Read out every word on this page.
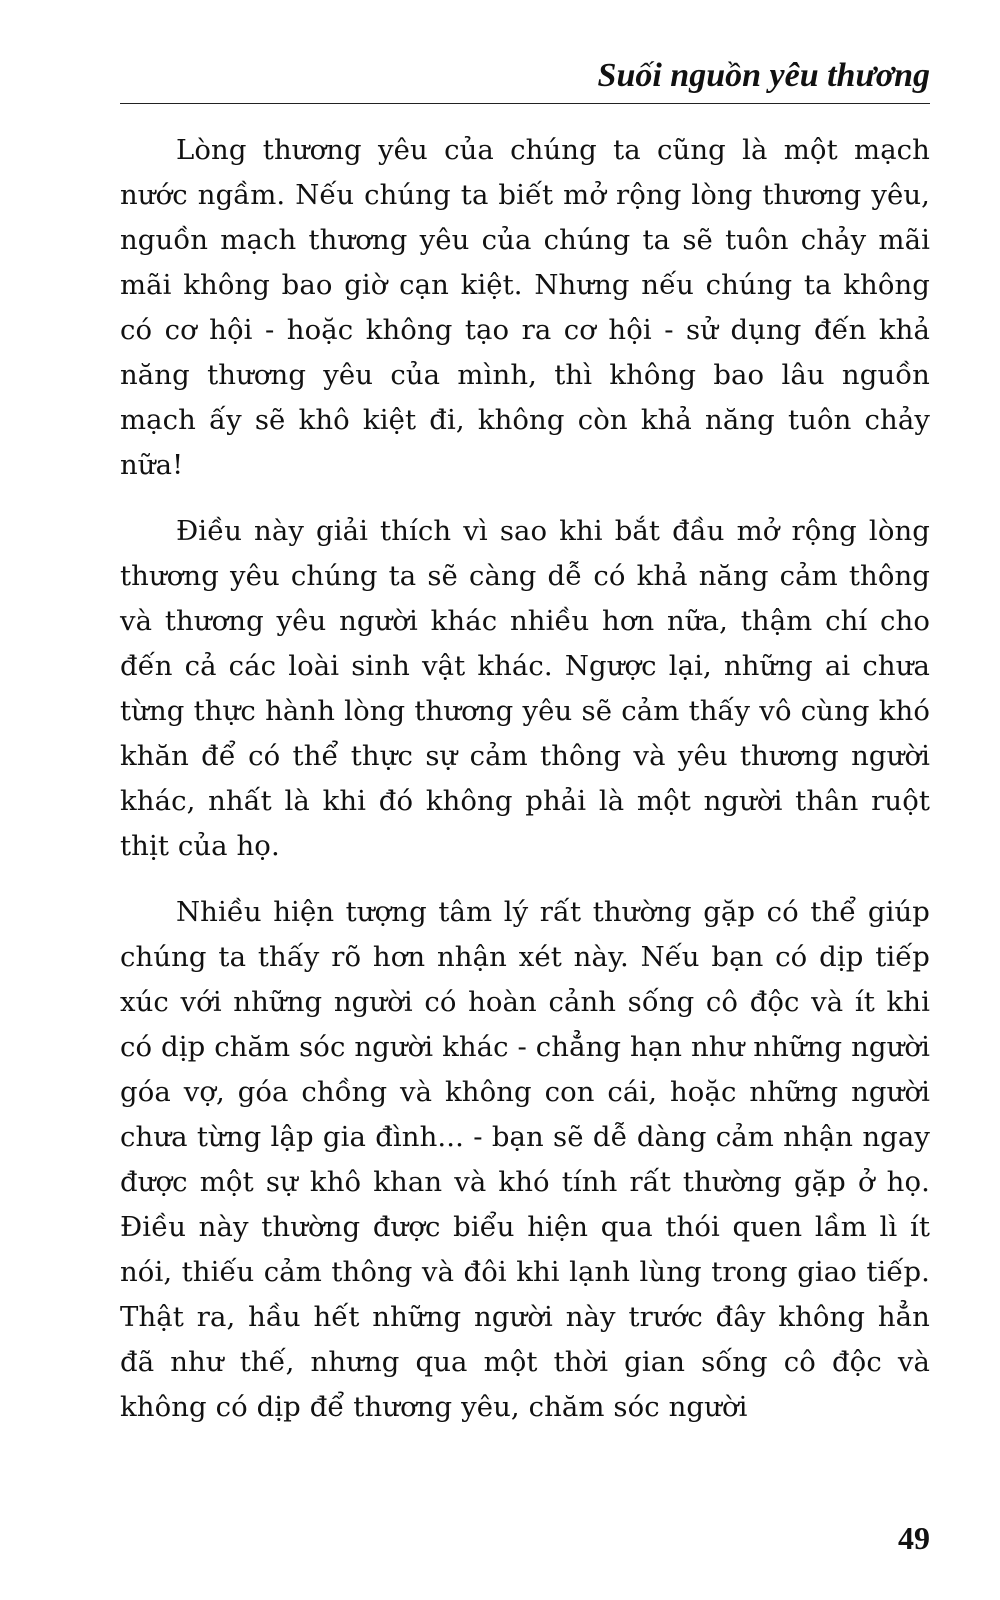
Suối nguồn yêu thương

Lòng thương yêu của chúng ta cũng là một mạch nước ngầm. Nếu chúng ta biết mở rộng lòng thương yêu, nguồn mạch thương yêu của chúng ta sẽ tuôn chảy mãi mãi không bao giờ cạn kiệt. Nhưng nếu chúng ta không có cơ hội - hoặc không tạo ra cơ hội - sử dụng đến khả năng thương yêu của mình, thì không bao lâu nguồn mạch ấy sẽ khô kiệt đi, không còn khả năng tuôn chảy nữa!

Điều này giải thích vì sao khi bắt đầu mở rộng lòng thương yêu chúng ta sẽ càng dễ có khả năng cảm thông và thương yêu người khác nhiều hơn nữa, thậm chí cho đến cả các loài sinh vật khác. Ngược lại, những ai chưa từng thực hành lòng thương yêu sẽ cảm thấy vô cùng khó khăn để có thể thực sự cảm thông và yêu thương người khác, nhất là khi đó không phải là một người thân ruột thịt của họ.

Nhiều hiện tượng tâm lý rất thường gặp có thể giúp chúng ta thấy rõ hơn nhận xét này. Nếu bạn có dịp tiếp xúc với những người có hoàn cảnh sống cô độc và ít khi có dịp chăm sóc người khác - chẳng hạn như những người góa vợ, góa chồng và không con cái, hoặc những người chưa từng lập gia đình... - bạn sẽ dễ dàng cảm nhận ngay được một sự khô khan và khó tính rất thường gặp ở họ. Điều này thường được biểu hiện qua thói quen lầm lì ít nói, thiếu cảm thông và đôi khi lạnh lùng trong giao tiếp. Thật ra, hầu hết những người này trước đây không hẳn đã như thế, nhưng qua một thời gian sống cô độc và không có dịp để thương yêu, chăm sóc người

49
